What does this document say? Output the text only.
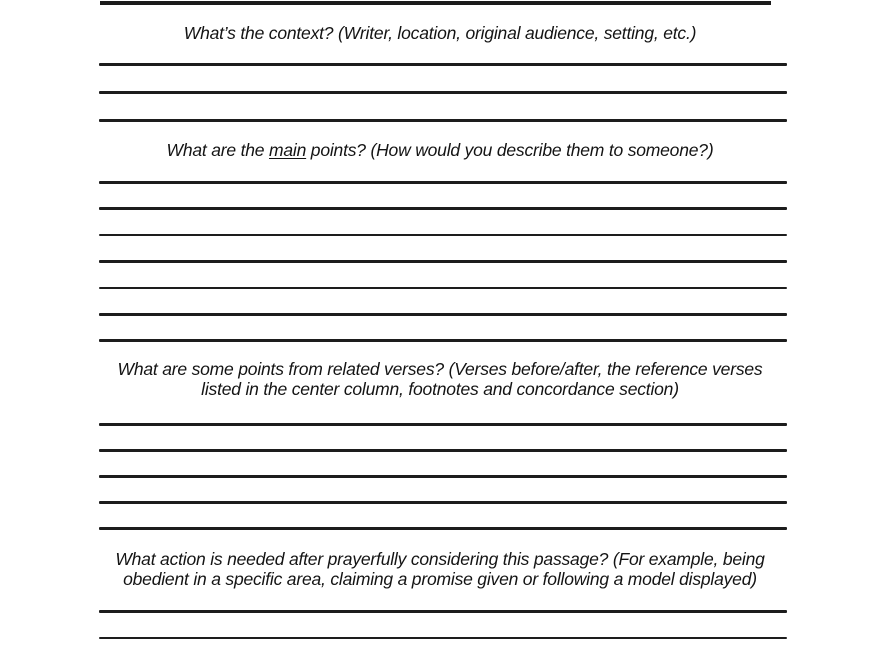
What’s the context? (Writer, location, original audience, setting, etc.)
What are the main points? (How would you describe them to someone?)
What are some points from related verses? (Verses before/after, the reference verses
listed in the center column, footnotes and concordance section)
What action is needed after prayerfully considering this passage? (For example, being
obedient in a specific area, claiming a promise given or following a model displayed)
